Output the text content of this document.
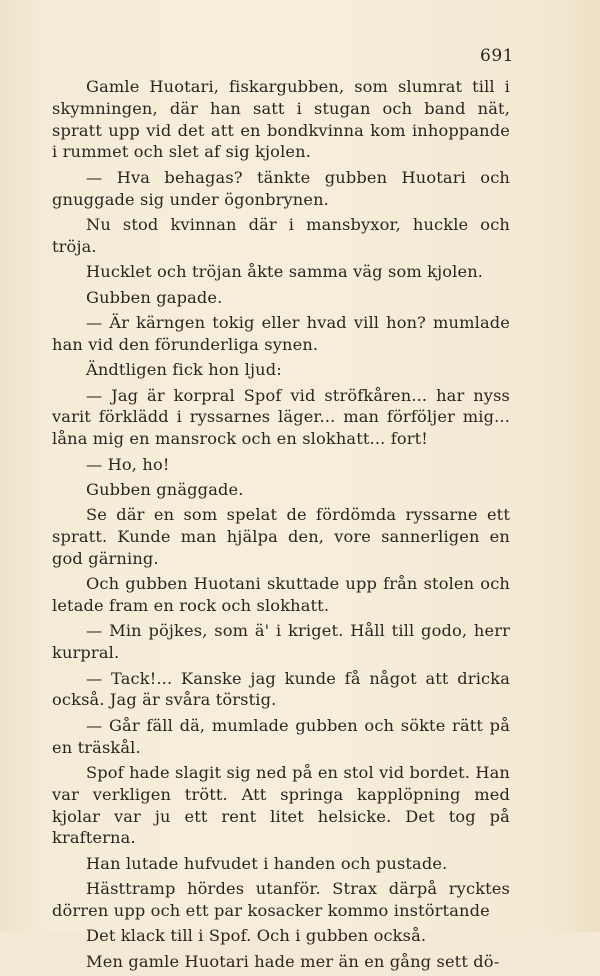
691

Gamle Huotari, fiskargubben, som slumrat till i skymningen, där han satt i stugan och band nät, spratt upp vid det att en bondkvinna kom inhoppande i rummet och slet af sig kjolen.

— Hva behagas? tänkte gubben Huotari och gnuggade sig under ögonbrynen.

Nu stod kvinnan där i mansbyxor, huckle och tröja.

Hucklet och tröjan åkte samma väg som kjolen.

Gubben gapade.

— Är kärngen tokig eller hvad vill hon? mumlade han vid den förunderliga synen.

Ändtligen fick hon ljud:

— Jag är korpral Spof vid ströfkåren... har nyss varit förklädd i ryssarnes läger... man förföljer mig... låna mig en mansrock och en slokhatt... fort!

— Ho, ho!

Gubben gnäggade.

Se där en som spelat de fördömda ryssarne ett spratt. Kunde man hjälpa den, vore sannerligen en god gärning.

Och gubben Huotani skuttade upp från stolen och letade fram en rock och slokhatt.

— Min pöjkes, som ä' i kriget. Håll till godo, herr kurpral.

— Tack!... Kanske jag kunde få något att dricka också. Jag är svåra törstig.

— Går fäll dä, mumlade gubben och sökte rätt på en träskål.

Spof hade slagit sig ned på en stol vid bordet. Han var verkligen trött. Att springa kapplöpning med kjolar var ju ett rent litet helsicke. Det tog på krafterna.

Han lutade hufvudet i handen och pustade.

Hästtramp hördes utanför. Strax därpå rycktes dörren upp och ett par kosacker kommo instörtande

Det klack till i Spof. Och i gubben också.

Men gamle Huotari hade mer än en gång sett dö-
